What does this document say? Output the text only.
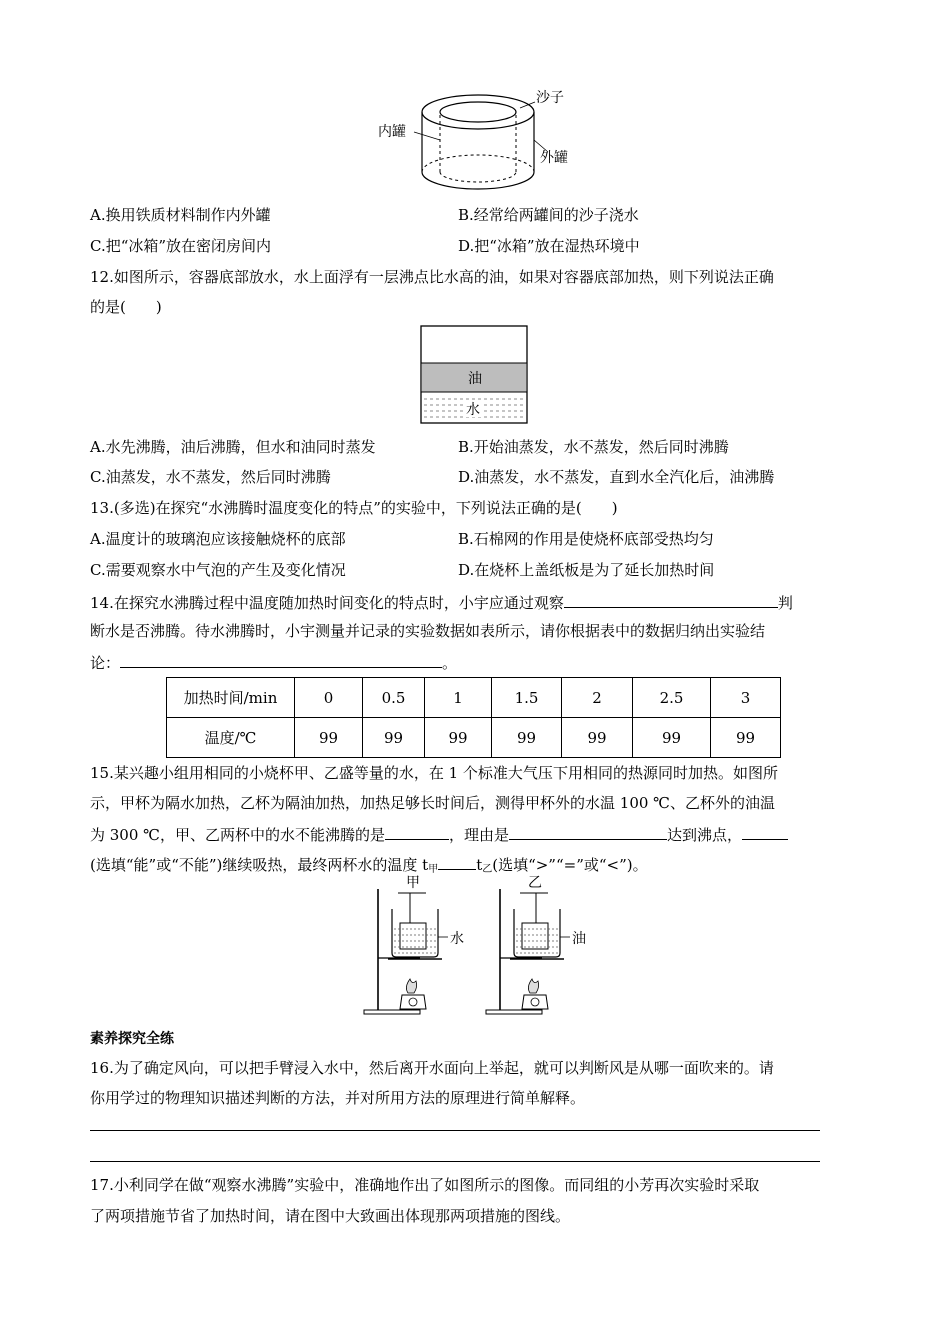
沙子
内罐
外罐
A.换用铁质材料制作内外罐	B.经常给两罐间的沙子浇水
C.把“冰箱”放在密闭房间内	D.把“冰箱”放在湿热环境中
12.如图所示，容器底部放水，水上面浮有一层沸点比水高的油，如果对容器底部加热，则下列说法正确
的是(　　)
油
水
A.水先沸腾，油后沸腾，但水和油同时蒸发	B.开始油蒸发，水不蒸发，然后同时沸腾
C.油蒸发，水不蒸发，然后同时沸腾	D.油蒸发，水不蒸发，直到水全汽化后，油沸腾
13.(多选)在探究“水沸腾时温度变化的特点”的实验中，下列说法正确的是(　　)
A.温度计的玻璃泡应该接触烧杯的底部	B.石棉网的作用是使烧杯底部受热均匀
C.需要观察水中气泡的产生及变化情况	D.在烧杯上盖纸板是为了延长加热时间
14.在探究水沸腾过程中温度随加热时间变化的特点时，小宇应通过观察	判
断水是否沸腾。待水沸腾时，小宇测量并记录的实验数据如表所示，请你根据表中的数据归纳出实验结
论：	。
加热时间/min	0	0.5	1	1.5	2	2.5	3
温度/℃	99	99	99	99	99	99	99
15.某兴趣小组用相同的小烧杯甲、乙盛等量的水，在 1 个标准大气压下用相同的热源同时加热。如图所
示，甲杯为隔水加热，乙杯为隔油加热，加热足够长时间后，测得甲杯外的水温 100 ℃、乙杯外的油温
为 300 ℃，甲、乙两杯中的水不能沸腾的是	，理由是	达到沸点，
(选填“能”或“不能”)继续吸热，最终两杯水的温度 $t_甲$	$t_乙$(选填“>”“=”或“<”)。
甲
水
乙
油
素养探究全练
16.为了确定风向，可以把手臂浸入水中，然后离开水面向上举起，就可以判断风是从哪一面吹来的。请
你用学过的物理知识描述判断的方法，并对所用方法的原理进行简单解释。
17.小利同学在做“观察水沸腾”实验中，准确地作出了如图所示的图像。而同组的小芳再次实验时采取
了两项措施节省了加热时间，请在图中大致画出体现那两项措施的图线。
